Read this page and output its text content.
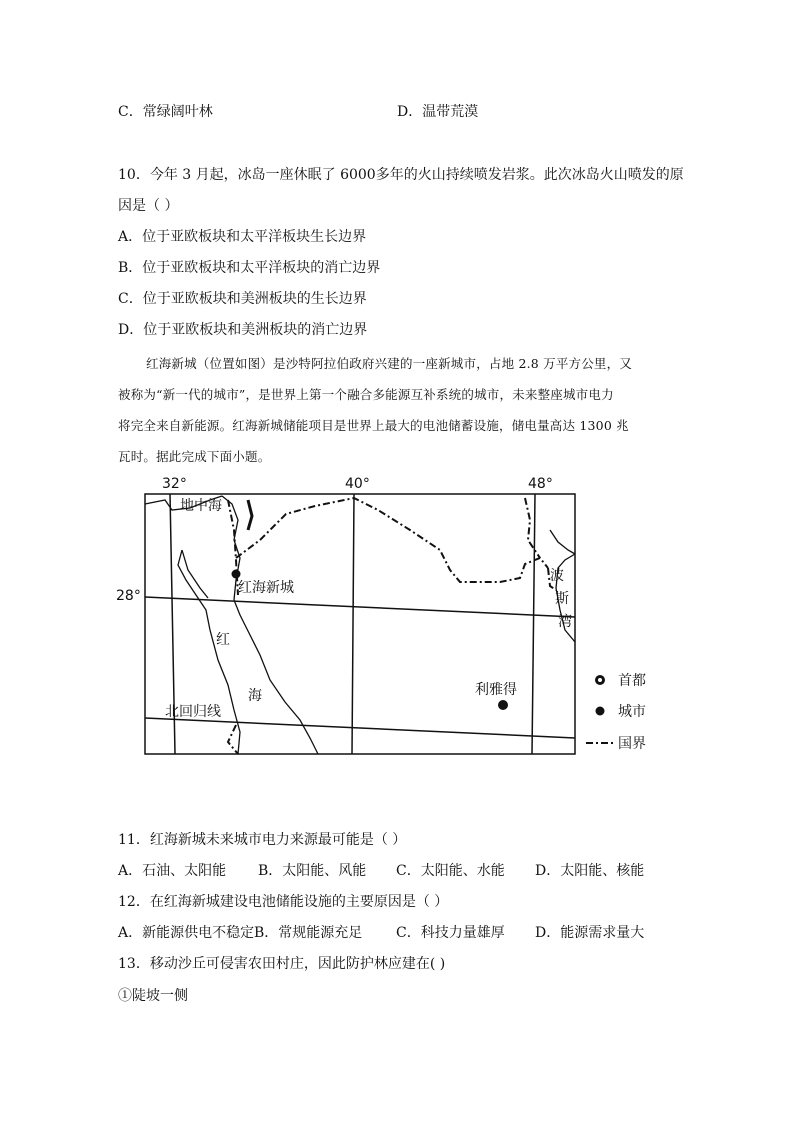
C．常绿阔叶林	D．温带荒漠
10．今年 3 月起，冰岛一座休眠了 6000多年的火山持续喷发岩浆。此次冰岛火山喷发的原
因是（ ）
A．位于亚欧板块和太平洋板块生长边界
B．位于亚欧板块和太平洋板块的消亡边界
C．位于亚欧板块和美洲板块的生长边界
D．位于亚欧板块和美洲板块的消亡边界
红海新城（位置如图）是沙特阿拉伯政府兴建的一座新城市，占地 2.8 万平方公里，又
被称为“新一代的城市”，是世界上第一个融合多能源互补系统的城市，未来整座城市电力
将完全来自新能源。红海新城储能项目是世界上最大的电池储蓄设施，储电量高达 1300 兆
瓦时。据此完成下面小题。
32°	40°	48°
28°
地中海
红海新城
红
海
北回归线
利雅得
波
斯
湾
首都
城市
国界
11．红海新城未来城市电力来源最可能是（ ）
A．石油、太阳能 B．太阳能、风能 C．太阳能、水能 D．太阳能、核能
12．在红海新城建设电池储能设施的主要原因是（ ）
A．新能源供电不稳定 B．常规能源充足 C．科技力量雄厚 D．能源需求量大
13．移动沙丘可侵害农田村庄，因此防护林应建在( )
①陡坡一侧
